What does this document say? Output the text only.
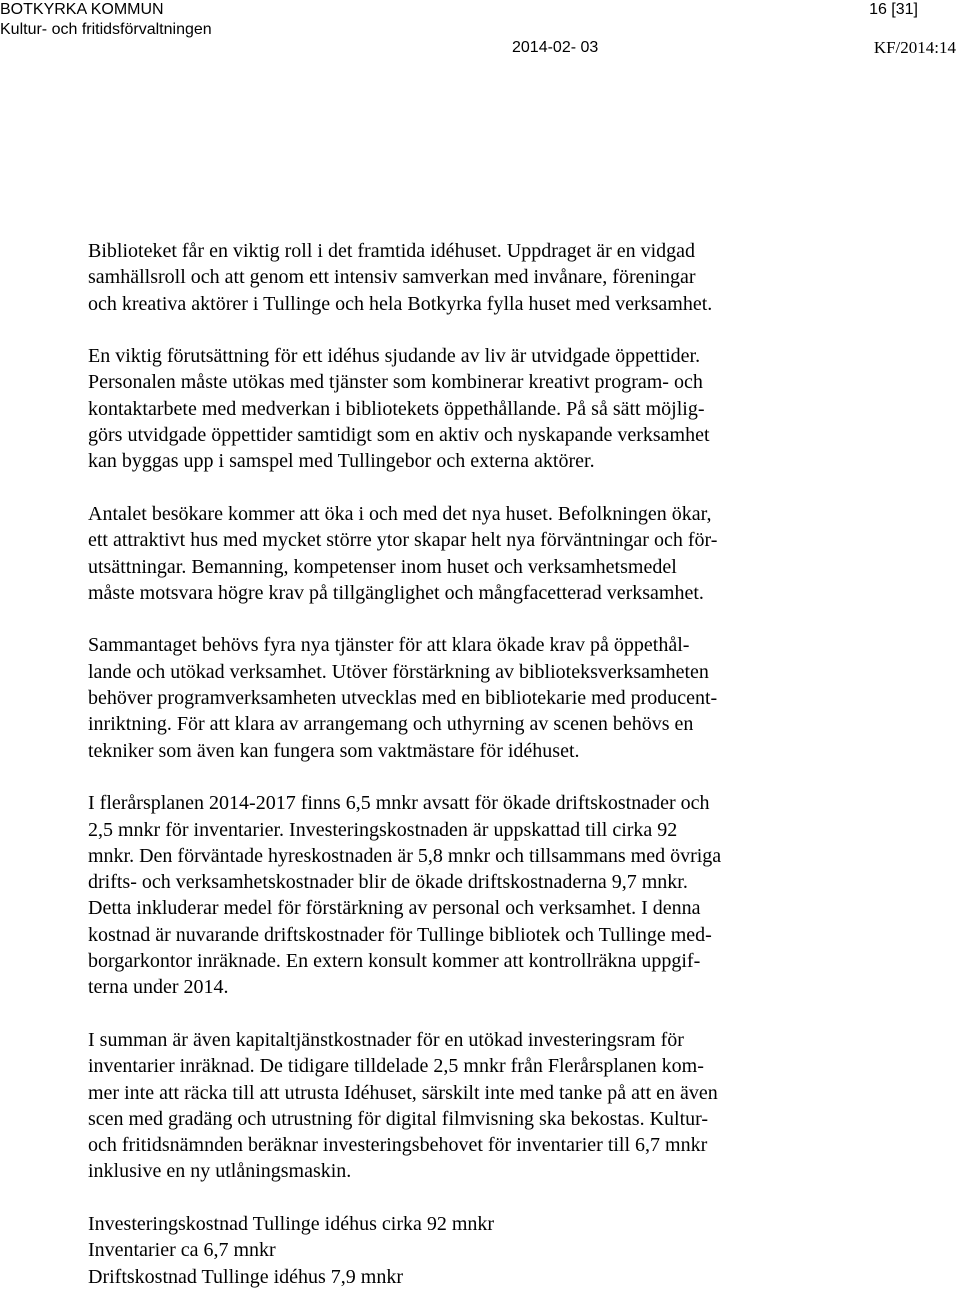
BOTKYRKA KOMMUN
Kultur- och fritidsförvaltningen
16 [31]
2014-02- 03	KF/2014:14

Biblioteket får en viktig roll i det framtida idéhuset. Uppdraget är en vidgad
samhällsroll och att genom ett intensiv samverkan med invånare, föreningar
och kreativa aktörer i Tullinge och hela Botkyrka fylla huset med verksamhet.

En viktig förutsättning för ett idéhus sjudande av liv är utvidgade öppettider.
Personalen måste utökas med tjänster som kombinerar kreativt program- och
kontaktarbete med medverkan i bibliotekets öppethållande. På så sätt möjlig-
görs utvidgade öppettider samtidigt som en aktiv och nyskapande verksamhet
kan byggas upp i samspel med Tullingebor och externa aktörer.

Antalet besökare kommer att öka i och med det nya huset. Befolkningen ökar,
ett attraktivt hus med mycket större ytor skapar helt nya förväntningar och för-
utsättningar. Bemanning, kompetenser inom huset och verksamhetsmedel
måste motsvara högre krav på tillgänglighet och mångfacetterad verksamhet.

Sammantaget behövs fyra nya tjänster för att klara ökade krav på öppethål-
lande och utökad verksamhet. Utöver förstärkning av biblioteksverksamheten
behöver programverksamheten utvecklas med en bibliotekarie med producent-
inriktning. För att klara av arrangemang och uthyrning av scenen behövs en
tekniker som även kan fungera som vaktmästare för idéhuset.

I flerårsplanen 2014-2017 finns 6,5 mnkr avsatt för ökade driftskostnader och
2,5 mnkr för inventarier. Investeringskostnaden är uppskattad till cirka 92
mnkr. Den förväntade hyreskostnaden är 5,8 mnkr och tillsammans med övriga
drifts- och verksamhetskostnader blir de ökade driftskostnaderna 9,7 mnkr.
Detta inkluderar medel för förstärkning av personal och verksamhet. I denna
kostnad är nuvarande driftskostnader för Tullinge bibliotek och Tullinge med-
borgarkontor inräknade. En extern konsult kommer att kontrollräkna uppgif-
terna under 2014.

I summan är även kapitaltjänstkostnader för en utökad investeringsram för
inventarier inräknad. De tidigare tilldelade 2,5 mnkr från Flerårsplanen kom-
mer inte att räcka till att utrusta Idéhuset, särskilt inte med tanke på att en även
scen med gradäng och utrustning för digital filmvisning ska bekostas. Kultur-
och fritidsnämnden beräknar investeringsbehovet för inventarier till 6,7 mnkr
inklusive en ny utlåningsmaskin.

Investeringskostnad Tullinge idéhus cirka 92 mnkr
Inventarier ca 6,7 mnkr
Driftskostnad Tullinge idéhus 7,9 mnkr
